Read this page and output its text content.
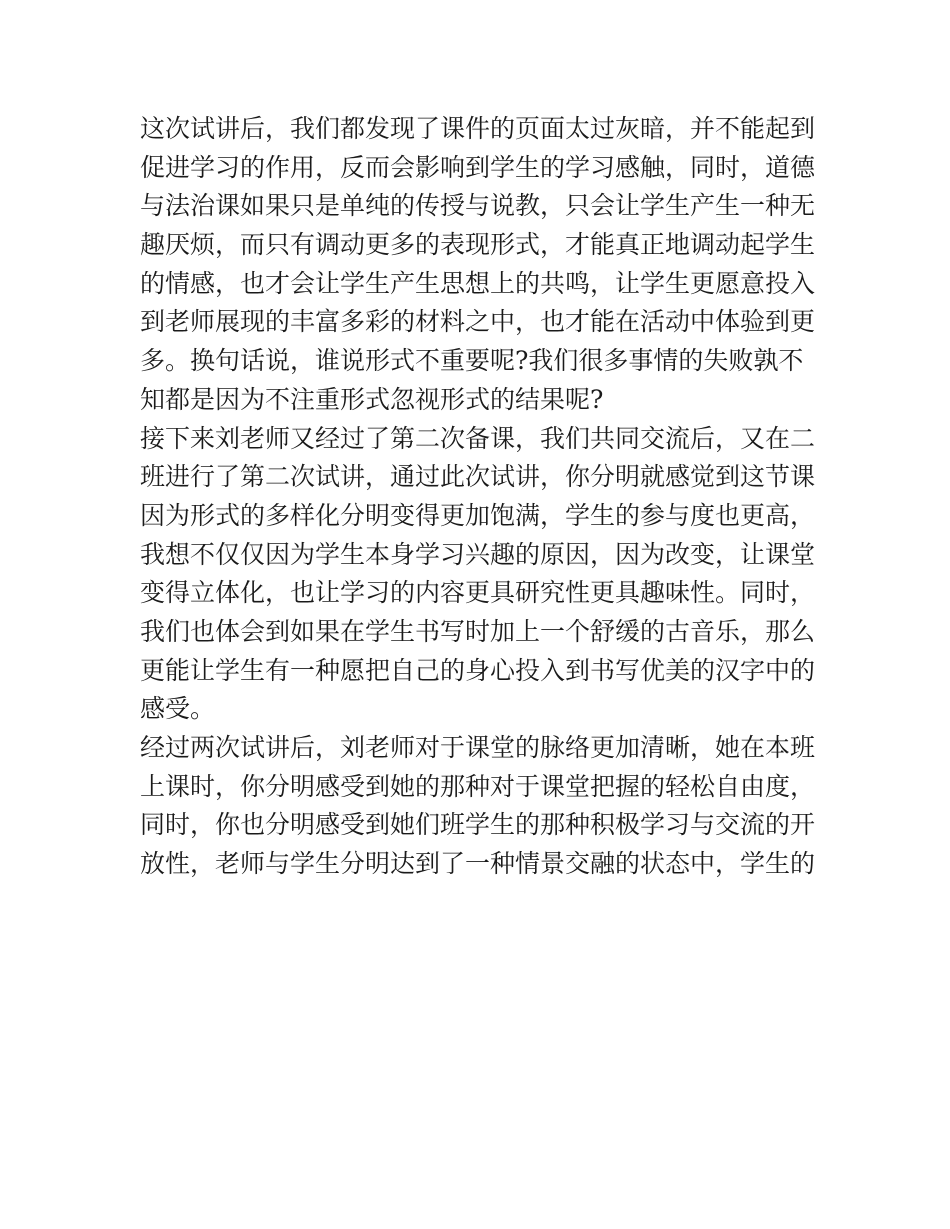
这次试讲后，我们都发现了课件的页面太过灰暗，并不能起到
促进学习的作用，反而会影响到学生的学习感触，同时，道德
与法治课如果只是单纯的传授与说教，只会让学生产生一种无
趣厌烦，而只有调动更多的表现形式，才能真正地调动起学生
的情感，也才会让学生产生思想上的共鸣，让学生更愿意投入
到老师展现的丰富多彩的材料之中，也才能在活动中体验到更
多。换句话说，谁说形式不重要呢?我们很多事情的失败孰不
知都是因为不注重形式忽视形式的结果呢?
接下来刘老师又经过了第二次备课，我们共同交流后，又在二
班进行了第二次试讲，通过此次试讲，你分明就感觉到这节课
因为形式的多样化分明变得更加饱满，学生的参与度也更高，
我想不仅仅因为学生本身学习兴趣的原因，因为改变，让课堂
变得立体化，也让学习的内容更具研究性更具趣味性。同时，
我们也体会到如果在学生书写时加上一个舒缓的古音乐，那么
更能让学生有一种愿把自己的身心投入到书写优美的汉字中的
感受。
经过两次试讲后，刘老师对于课堂的脉络更加清晰，她在本班
上课时，你分明感受到她的那种对于课堂把握的轻松自由度，
同时，你也分明感受到她们班学生的那种积极学习与交流的开
放性，老师与学生分明达到了一种情景交融的状态中，学生的
